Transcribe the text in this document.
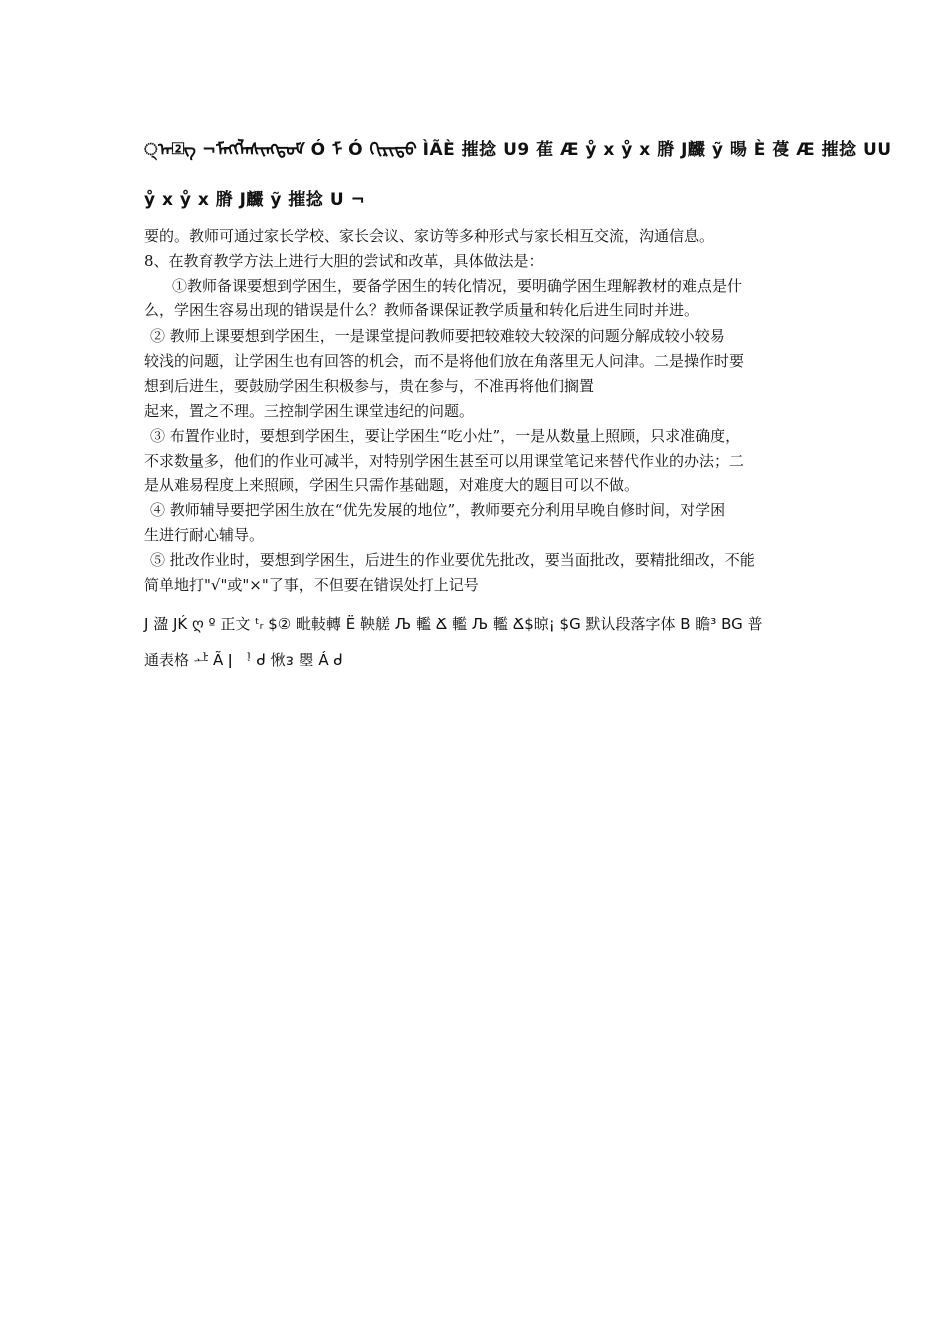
੍ᠡ᠋᠌ᠭ ¬ᠮᠨᠬᠭᠯᠡᠰᠢᠩᠳᠣᠮ Ó ᠮ Ó ᠭᠢᠷᠢᠲᠦ ÌÃÈ 摧捻 U9 萑 Æ ẙ x ẙ x 膌 J麣 ỹ 暘 È 葠 Æ 摧捻 UU
ẙ x ẙ x 膌 J麣 ỹ 摧捻 U ¬
要的。教师可通过家长学校、家长会议、家访等多种形式与家长相互交流，沟通信息。
8、在教育教学方法上进行大胆的尝试和改革，具体做法是：
①教师备课要想到学困生，要备学困生的转化情况，要明确学困生理解教材的难点是什
么，学困生容易出现的错误是什么？教师备课保证教学质量和转化后进生同时并进。
② 教师上课要想到学困生，一是课堂提问教师要把较难较大较深的问题分解成较小较易
较浅的问题，让学困生也有回答的机会，而不是将他们放在角落里无人问津。二是操作时要
想到后进生，要鼓励学困生积极参与，贵在参与，不准再将他们搁置
起来，置之不理。三控制学困生课堂违纪的问题。
③ 布置作业时，要想到学困生，要让学困生“吃小灶”，一是从数量上照顾，只求准确度，
不求数量多，他们的作业可减半，对特别学困生甚至可以用课堂笔记来替代作业的办法；二
是从难易程度上来照顾，学困生只需作基础题，对难度大的题目可以不做。
④ 教师辅导要把学困生放在“优先发展的地位”，教师要充分利用早晚自修时间，对学困
生进行耐心辅导。
⑤ 批改作业时，要想到学困生，后进生的作业要优先批改，要当面批改，要精批细改，不能
简单地打"√"或"×"了事，不但要在错误处打上记号
J 溋 JḰ ღ º 正文 ᵗᵣ $② 毗軙轉 Ё 鞅艖 Љ 轞 Ճ 轞 Љ 轞 Ճ$晾¡ $G 默认段落字体 B 瞻³ BG 普
通表格 ᅶ Ã ǀ ᆝ ᑯ 愀ᴈ 瞾 Á ᑯ
